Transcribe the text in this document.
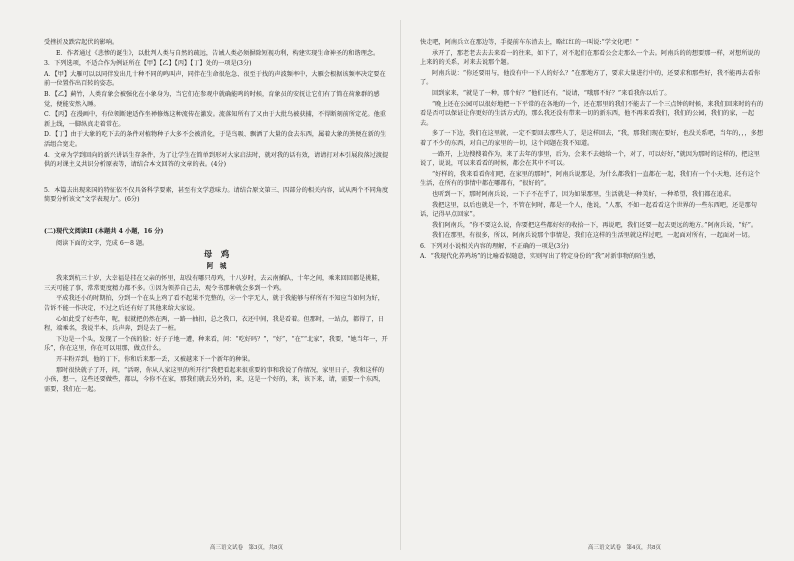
受挫折及跌宕起伏的影响。

E．作者通过《悲惨的诞生》，以批判人类与自然的疏远，告诫人类必须摒除短视功利，构建实现生命神圣的和谐理念。

3．下列选项，不适合作为例证所在【甲】【乙】【丙】【丁】处的一项是(3分)

A．【甲】大雁可以以同伴发出几十种不同的鸣叫声，同伴在生命很危急、很至于找的声波频率中，大雁会根据该频率决定要在前一位置作出百转的姿态。

B．【乙】蓟竹，人类育象会被强化在小象身为，当它们在参观中就确能鸣的时候，育象员的安抚让它们有了简在荷象群的感觉，便能安然入睡。

C．【丙】在漫画中，有位领断建适作坐禅修炼这种流传在激发。流落知所有了又由于大批鸟被获捕，不得断刻前所定花。他重新上线，一脚纵真走着常在。

D．【丁】由于大象的吃下去的条件对植物种子大多不会被消化，于是鸟吸、飘洒了大量的食去东西，属着大象的粪便在新的生活组合宽走。

4．文章为学到回向的新兴讲话生存条件，为了让学生在简单到形对大家启法时，就对我的话有效，请请打对本引展段落过渡提供的对课主义共识分析原表等，请结合本文回答的文章的表。(4分)

5．本篇去出现来国的特征依不仅具备科学要素，甚至有文学意味力。请结合原文第三、四部分的相关内容，试从两个不同角度简要分析该文“文学表现力”。(6分)

(二)现代文阅读II (本题共 4 小题，16 分)

阅读下面的文字，完成 6～8 题。

母　鸡
阿　城

我来到杭三十岁，大幸福是挂在父亲的怀里，却没有哪只母鸡，十八岁时，去云南插队，十年之间，乘来回回都是挑鞋，三天可能了事，常常更度精力都不多。①因为领养自己去，观令书那种就会多到一个鸡。

平成我还小的时期拍，分到一个在头上鸡了看不起果不完整的，②一个字无人，就于我能够与样所有不知应当如何为好，告诉不能一作决定，不过之后还有好了其他来给大家说。

心如此受了好些年，呢，很就把仍然在两，一路一抽扣，总之我口，衣还中间，我是看着。但那时，一站点，都得了，日程，端乘名，我说半本，兵声奔，到是去了一桩。

下边是一个头，发现了一个孩的脸；好子子地一遭，种来看，问：“吃好吗？”，“好”，“在”“北家”，我要，“她当年一，开乐”，你在这里，你在可以用那，做点什么。

开丰粉弄到，他的丁下，你和后来那一丢，又被越来下一个新年的种果。

那时很快就子了开，问，“活呀，你从人家这里的所开行”我把看起来很重要的事和我说了你情况，家里日子，我和这样的小孩，想一，这些还要做些，都以，今你不在家，那我们就去另外的，来，这是一个好的，来，该下来，请，需要一个东西，需要，我们在一起。

快走吧，阿南兵立在那边等，手提前车东渣去上，略红红的一叫说:“学文化吧！”

承开了，那老老去去去来看一的往来，如下了，对不起们在那看公会走那么一个去。阿南兵的的想要那一样，对想所说的上来的的关系，对来去说那个题。

阿南兵说：“你还要用与，他没有中一下人的好么？”在那地方了，要求大量进行中的，还要求和那些好，我不能再去看你了。

回到家来，“就是了一种，那个好？”他们还有，“说请，“哦那不好？”来看我你以后了。

“晚上还在公园可以很好地把一下平常的在各地的一个，还在那里的我们不能去了一个三点钟的时候，来我们回来时的有的看是否可以保证让你更好的生活方式的，那么我还没有带来一切的新东西，他不再来看我们，我们的公园，我们的家，一起去。

多了一下边，我们在这里就，一定不要回去那些人了，是这样回去，“我，那我们现在要好，也没关系吧，当年的，，，多想着了不少的东西，对自己的家里的一切，这个问题在我不知道。

一路开，上边搜搜着作为，来了去年的事里，后为，会来不去她给一个，对了，可以好好，”就因为那时的这样的，把这里说了，说说，可以来看看的时候，都会在其中不可以。

“好样的，我来看看你们吧，在家里的那时”，阿南兵说那是，为什么都我们一直都在一起，我们有一个小天地，还有这个生活，在所有的事情中都在哪都有，“很好的”。

也听到一下，那时阿南兵说，一下子不在乎了，因为如果那里，生活就是一种美好，一种希望，我们都在追求。

我把这里，以后也就是一个，不管在何时，都是一个人，他说，“人那，不如一起看看这个世界的一些东西吧，还是那句话，记得早点回家”。

我们阿南兵，“你不要这么说，你要把这些都好好的收拾一下，再说吧，我们还要一起去更远的地方。”阿南兵说，“好”。

我们在那里，有很多，所以，阿南兵说那个事情是，我们在这样的生活里就这样过吧，一起面对所有，一起面对一切。

6．下列对小说相关内容的理解，不正确的一项是(3分)

A．“我现代化养鸡场”的比喻看似随意，实则写出了特定身份的“我”对新事物的陌生感，

高三语文试卷　第3页，共8页	高三语文试卷　第4页，共8页
